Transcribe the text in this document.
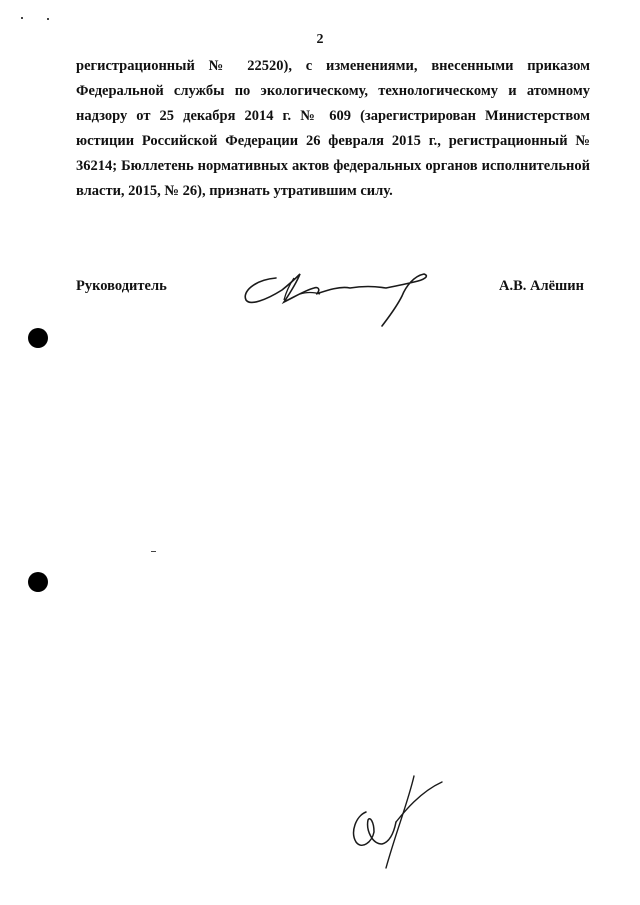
2

регистрационный № 22520), с изменениями, внесенными приказом Федеральной службы по экологическому, технологическому и атомному надзору от 25 декабря 2014 г. № 609 (зарегистрирован Министерством юстиции Российской Федерации 26 февраля 2015 г., регистрационный № 36214; Бюллетень нормативных актов федеральных органов исполнительной власти, 2015, № 26), признать утратившим силу.

Руководитель	А.В. Алёшин
